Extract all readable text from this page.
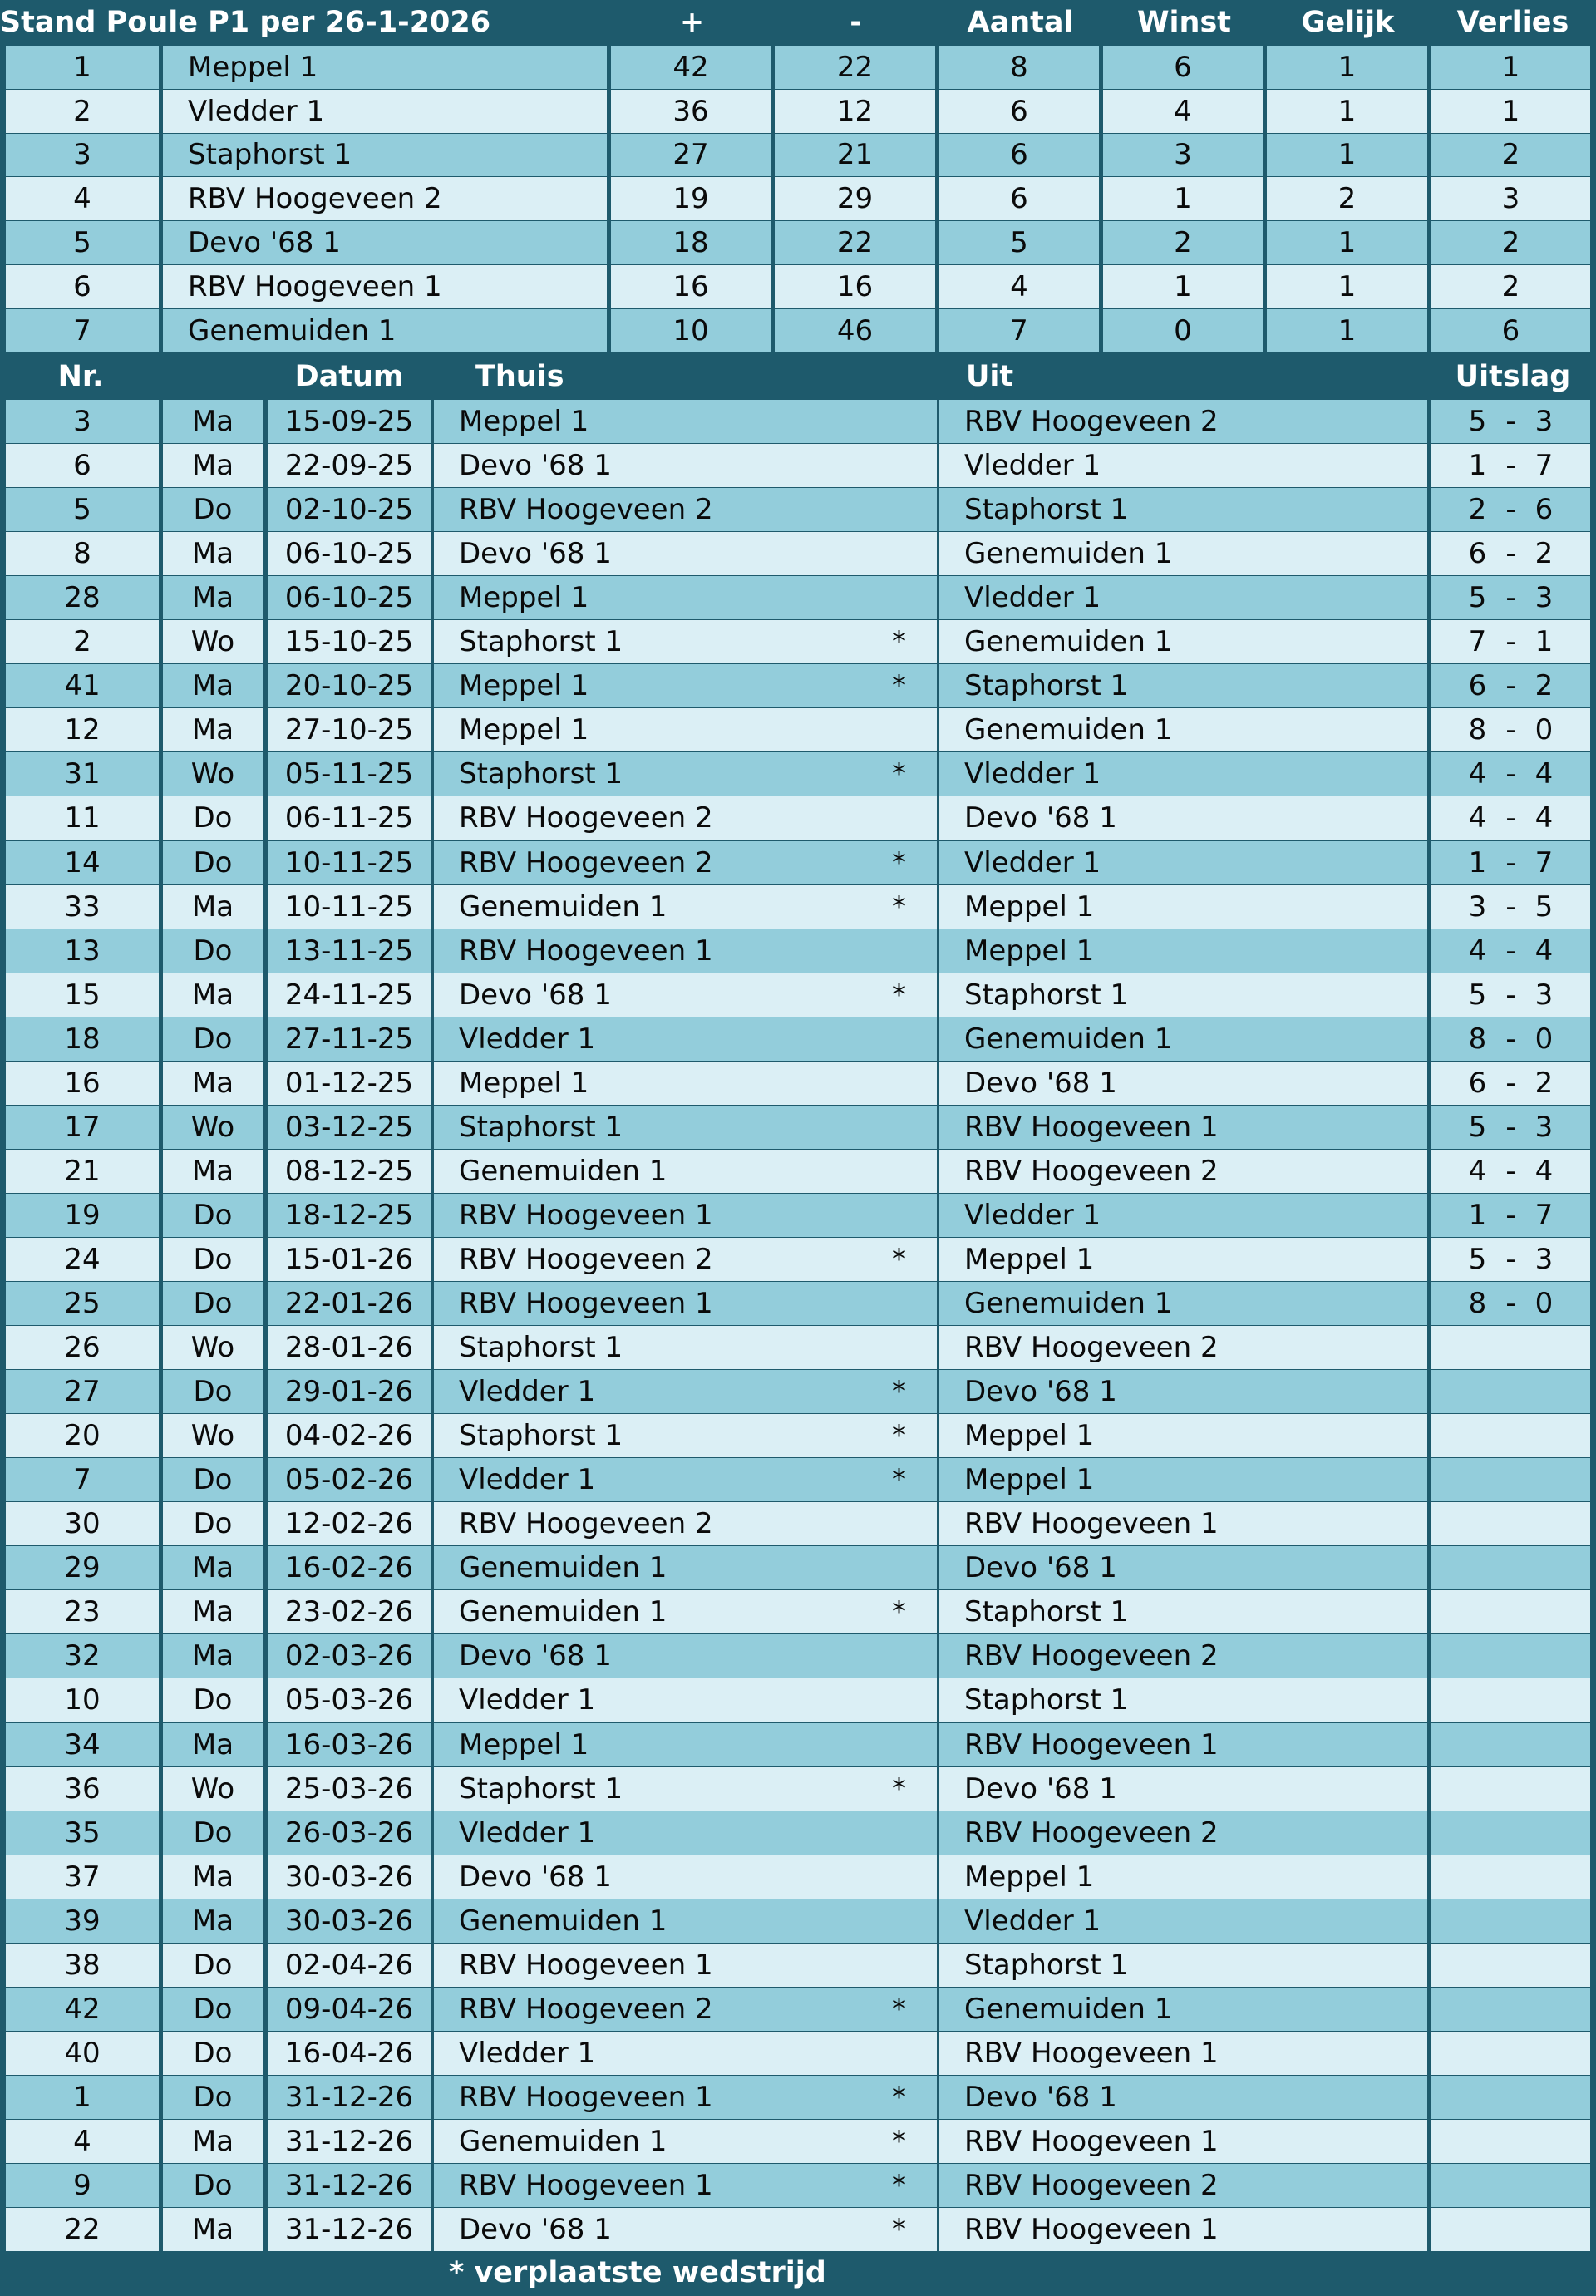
Stand Poule P1 per 26-1-2026	+	-	Aantal	Winst	Gelijk	Verlies
1	Meppel 1	42	22	8	6	1	1
2	Vledder 1	36	12	6	4	1	1
3	Staphorst 1	27	21	6	3	1	2
4	RBV Hoogeveen 2	19	29	6	1	2	3
5	Devo '68 1	18	22	5	2	1	2
6	RBV Hoogeveen 1	16	16	4	1	1	2
7	Genemuiden 1	10	46	7	0	1	6
Nr.	Datum	Thuis	Uit	Uitslag
3	Ma	15-09-25	Meppel 1	RBV Hoogeveen 2	5 - 3
6	Ma	22-09-25	Devo '68 1	Vledder 1	1 - 7
5	Do	02-10-25	RBV Hoogeveen 2	Staphorst 1	2 - 6
8	Ma	06-10-25	Devo '68 1	Genemuiden 1	6 - 2
28	Ma	06-10-25	Meppel 1	Vledder 1	5 - 3
2	Wo	15-10-25	Staphorst 1	*	Genemuiden 1	7 - 1
41	Ma	20-10-25	Meppel 1	*	Staphorst 1	6 - 2
12	Ma	27-10-25	Meppel 1	Genemuiden 1	8 - 0
31	Wo	05-11-25	Staphorst 1	*	Vledder 1	4 - 4
11	Do	06-11-25	RBV Hoogeveen 2	Devo '68 1	4 - 4
14	Do	10-11-25	RBV Hoogeveen 2	*	Vledder 1	1 - 7
33	Ma	10-11-25	Genemuiden 1	*	Meppel 1	3 - 5
13	Do	13-11-25	RBV Hoogeveen 1	Meppel 1	4 - 4
15	Ma	24-11-25	Devo '68 1	*	Staphorst 1	5 - 3
18	Do	27-11-25	Vledder 1	Genemuiden 1	8 - 0
16	Ma	01-12-25	Meppel 1	Devo '68 1	6 - 2
17	Wo	03-12-25	Staphorst 1	RBV Hoogeveen 1	5 - 3
21	Ma	08-12-25	Genemuiden 1	RBV Hoogeveen 2	4 - 4
19	Do	18-12-25	RBV Hoogeveen 1	Vledder 1	1 - 7
24	Do	15-01-26	RBV Hoogeveen 2	*	Meppel 1	5 - 3
25	Do	22-01-26	RBV Hoogeveen 1	Genemuiden 1	8 - 0
26	Wo	28-01-26	Staphorst 1	RBV Hoogeveen 2
27	Do	29-01-26	Vledder 1	*	Devo '68 1
20	Wo	04-02-26	Staphorst 1	*	Meppel 1
7	Do	05-02-26	Vledder 1	*	Meppel 1
30	Do	12-02-26	RBV Hoogeveen 2	RBV Hoogeveen 1
29	Ma	16-02-26	Genemuiden 1	Devo '68 1
23	Ma	23-02-26	Genemuiden 1	*	Staphorst 1
32	Ma	02-03-26	Devo '68 1	RBV Hoogeveen 2
10	Do	05-03-26	Vledder 1	Staphorst 1
34	Ma	16-03-26	Meppel 1	RBV Hoogeveen 1
36	Wo	25-03-26	Staphorst 1	*	Devo '68 1
35	Do	26-03-26	Vledder 1	RBV Hoogeveen 2
37	Ma	30-03-26	Devo '68 1	Meppel 1
39	Ma	30-03-26	Genemuiden 1	Vledder 1
38	Do	02-04-26	RBV Hoogeveen 1	Staphorst 1
42	Do	09-04-26	RBV Hoogeveen 2	*	Genemuiden 1
40	Do	16-04-26	Vledder 1	RBV Hoogeveen 1
1	Do	31-12-26	RBV Hoogeveen 1	*	Devo '68 1
4	Ma	31-12-26	Genemuiden 1	*	RBV Hoogeveen 1
9	Do	31-12-26	RBV Hoogeveen 1	*	RBV Hoogeveen 2
22	Ma	31-12-26	Devo '68 1	*	RBV Hoogeveen 1
* verplaatste wedstrijd
